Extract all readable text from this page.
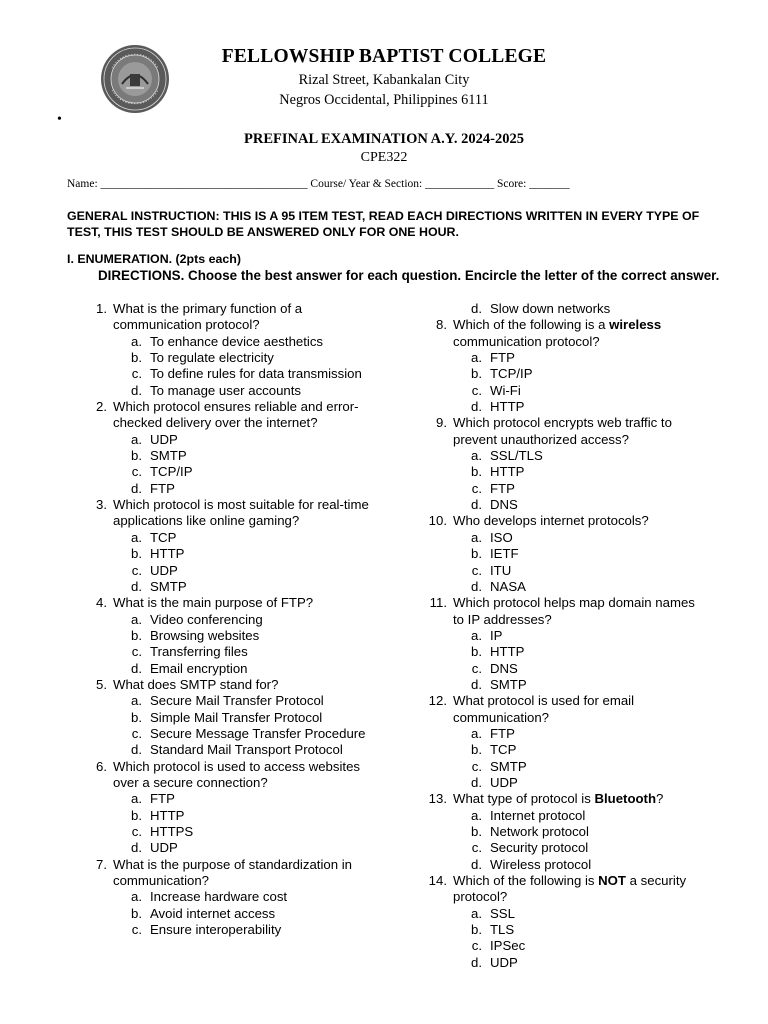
FELLOWSHIP BAPTIST COLLEGE
Rizal Street, Kabankalan City
Negros Occidental, Philippines 6111
•
PREFINAL EXAMINATION A.Y. 2024-2025
CPE322
Name: ____________________________________ Course/ Year & Section: ____________ Score: _______
GENERAL INSTRUCTION: THIS IS A 95 ITEM TEST, READ EACH DIRECTIONS WRITTEN IN EVERY TYPE OF TEST, THIS TEST SHOULD BE ANSWERED ONLY FOR ONE HOUR.
I. ENUMERATION. (2pts each)
DIRECTIONS. Choose the best answer for each question. Encircle the letter of the correct answer.
1. What is the primary function of a communication protocol?
a. To enhance device aesthetics
b. To regulate electricity
c. To define rules for data transmission
d. To manage user accounts
2. Which protocol ensures reliable and error-checked delivery over the internet?
a. UDP
b. SMTP
c. TCP/IP
d. FTP
3. Which protocol is most suitable for real-time applications like online gaming?
a. TCP
b. HTTP
c. UDP
d. SMTP
4. What is the main purpose of FTP?
a. Video conferencing
b. Browsing websites
c. Transferring files
d. Email encryption
5. What does SMTP stand for?
a. Secure Mail Transfer Protocol
b. Simple Mail Transfer Protocol
c. Secure Message Transfer Procedure
d. Standard Mail Transport Protocol
6. Which protocol is used to access websites over a secure connection?
a. FTP
b. HTTP
c. HTTPS
d. UDP
7. What is the purpose of standardization in communication?
a. Increase hardware cost
b. Avoid internet access
c. Ensure interoperability
d. Slow down networks
8. Which of the following is a wireless communication protocol?
a. FTP
b. TCP/IP
c. Wi-Fi
d. HTTP
9. Which protocol encrypts web traffic to prevent unauthorized access?
a. SSL/TLS
b. HTTP
c. FTP
d. DNS
10. Who develops internet protocols?
a. ISO
b. IETF
c. ITU
d. NASA
11. Which protocol helps map domain names to IP addresses?
a. IP
b. HTTP
c. DNS
d. SMTP
12. What protocol is used for email communication?
a. FTP
b. TCP
c. SMTP
d. UDP
13. What type of protocol is Bluetooth?
a. Internet protocol
b. Network protocol
c. Security protocol
d. Wireless protocol
14. Which of the following is NOT a security protocol?
a. SSL
b. TLS
c. IPSec
d. UDP
